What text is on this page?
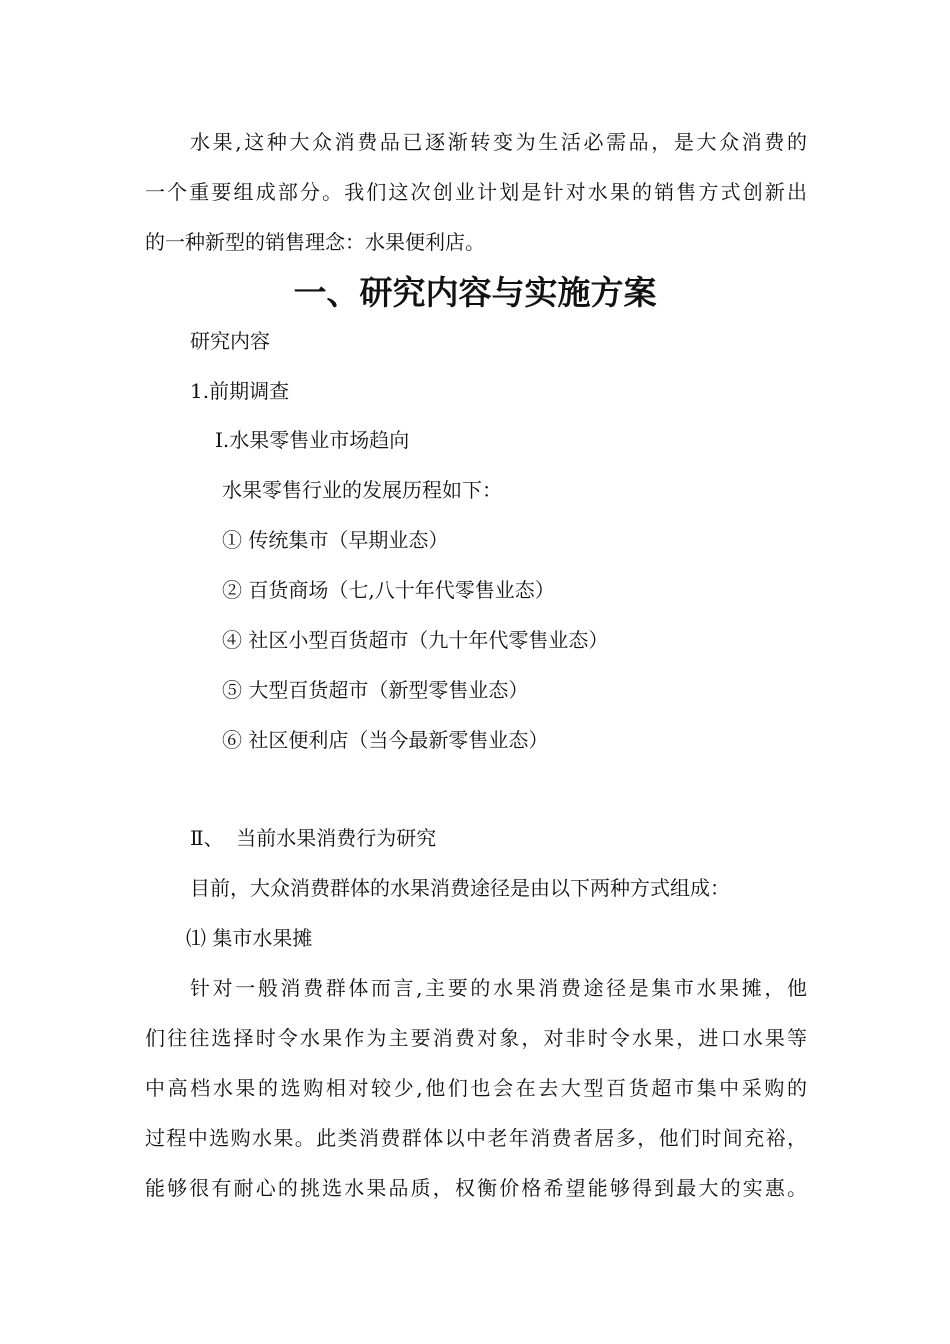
水果,这种大众消费品已逐渐转变为生活必需品，是大众消费的
一个重要组成部分。我们这次创业计划是针对水果的销售方式创新出
的一种新型的销售理念：水果便利店。
一、研究内容与实施方案
研究内容
1.前期调查
Ⅰ.水果零售业市场趋向
水果零售行业的发展历程如下：
① 传统集市（早期业态）
② 百货商场（七,八十年代零售业态）
④ 社区小型百货超市（九十年代零售业态）
⑤ 大型百货超市（新型零售业态）
⑥ 社区便利店（当今最新零售业态）
Ⅱ、  当前水果消费行为研究
目前，大众消费群体的水果消费途径是由以下两种方式组成：
⑴ 集市水果摊
针对一般消费群体而言,主要的水果消费途径是集市水果摊，他
们往往选择时令水果作为主要消费对象，对非时令水果，进口水果等
中高档水果的选购相对较少,他们也会在去大型百货超市集中采购的
过程中选购水果。此类消费群体以中老年消费者居多，他们时间充裕，
能够很有耐心的挑选水果品质，权衡价格希望能够得到最大的实惠。
